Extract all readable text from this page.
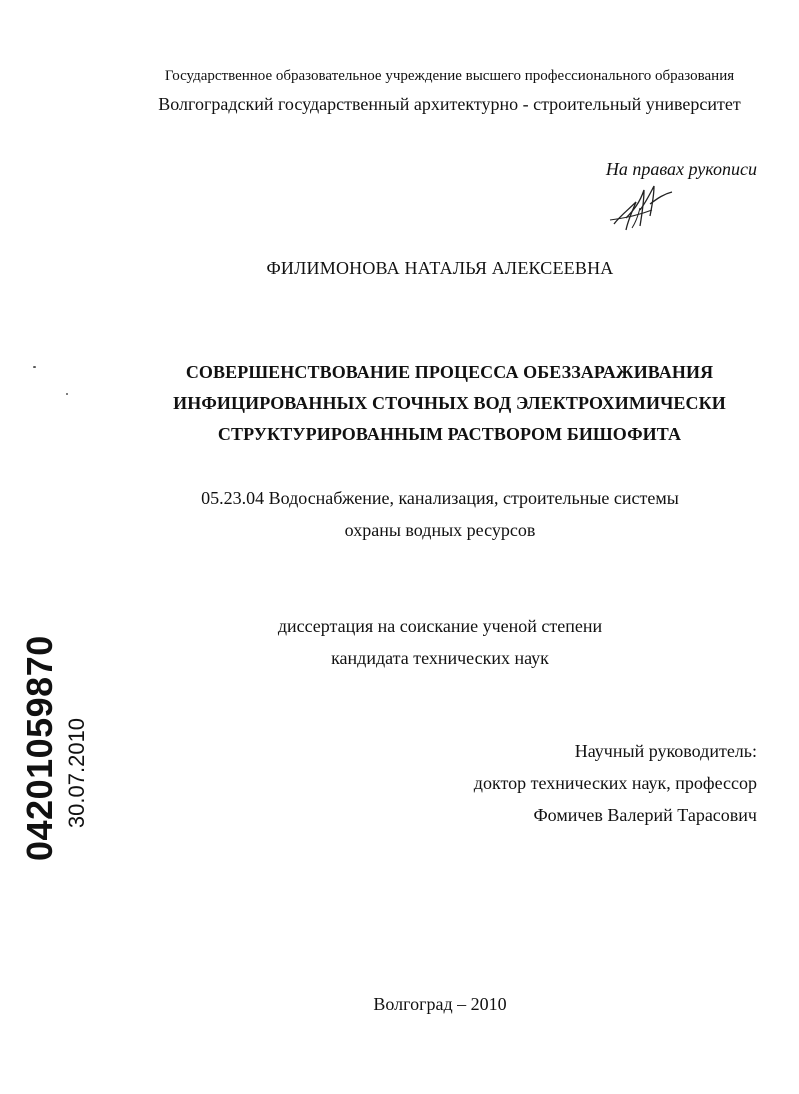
Государственное образовательное учреждение высшего профессионального образования
Волгоградский государственный архитектурно - строительный университет
На правах рукописи
ФИЛИМОНОВА НАТАЛЬЯ АЛЕКСЕЕВНА
СОВЕРШЕНСТВОВАНИЕ ПРОЦЕССА ОБЕЗЗАРАЖИВАНИЯ
ИНФИЦИРОВАННЫХ СТОЧНЫХ ВОД ЭЛЕКТРОХИМИЧЕСКИ
СТРУКТУРИРОВАННЫМ РАСТВОРОМ БИШОФИТА
05.23.04 Водоснабжение, канализация, строительные системы
охраны водных ресурсов
диссертация на соискание ученой степени
кандидата технических наук
Научный руководитель:
доктор технических наук, профессор
Фомичев Валерий Тарасович
Волгоград – 2010
04201059870 30.07.2010
